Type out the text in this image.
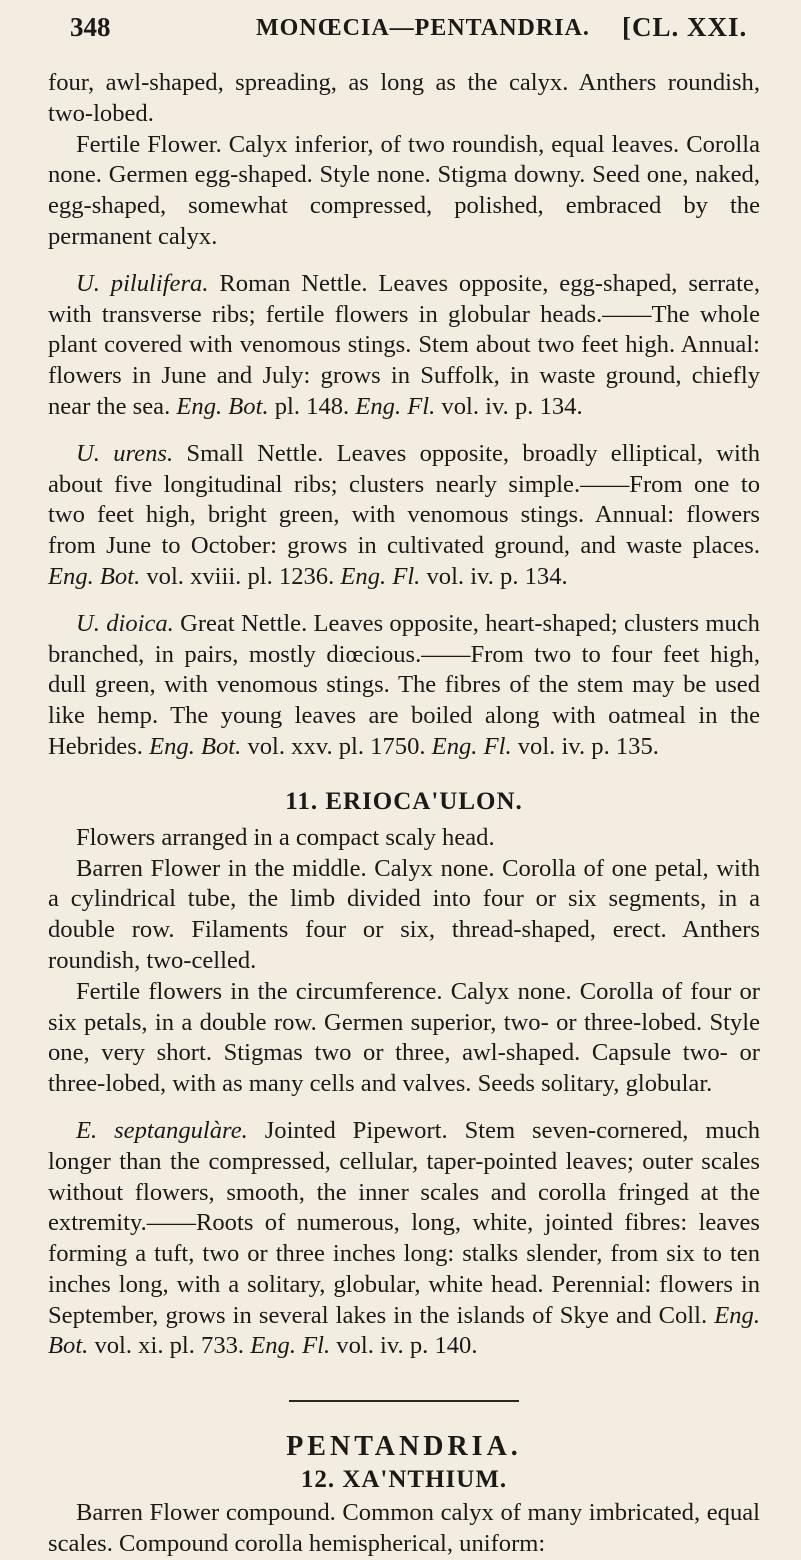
348	MONŒCIA—PENTANDRIA. [CL. XXI.

four, awl-shaped, spreading, as long as the calyx. Anthers roundish, two-lobed.

Fertile Flower. Calyx inferior, of two roundish, equal leaves. Corolla none. Germen egg-shaped. Style none. Stigma downy. Seed one, naked, egg-shaped, somewhat compressed, polished, embraced by the permanent calyx.

U. pilulifera. Roman Nettle. Leaves opposite, egg-shaped, serrate, with transverse ribs; fertile flowers in globular heads.——The whole plant covered with venomous stings. Stem about two feet high. Annual: flowers in June and July: grows in Suffolk, in waste ground, chiefly near the sea. Eng. Bot. pl. 148. Eng. Fl. vol. iv. p. 134.

U. urens. Small Nettle. Leaves opposite, broadly elliptical, with about five longitudinal ribs; clusters nearly simple.——From one to two feet high, bright green, with venomous stings. Annual: flowers from June to October: grows in cultivated ground, and waste places. Eng. Bot. vol. xviii. pl. 1236. Eng. Fl. vol. iv. p. 134.

U. dioica. Great Nettle. Leaves opposite, heart-shaped; clusters much branched, in pairs, mostly diœcious.——From two to four feet high, dull green, with venomous stings. The fibres of the stem may be used like hemp. The young leaves are boiled along with oatmeal in the Hebrides. Eng. Bot. vol. xxv. pl. 1750. Eng. Fl. vol. iv. p. 135.

11. ERIOCA'ULON.

Flowers arranged in a compact scaly head.

Barren Flower in the middle. Calyx none. Corolla of one petal, with a cylindrical tube, the limb divided into four or six segments, in a double row. Filaments four or six, thread-shaped, erect. Anthers roundish, two-celled.

Fertile flowers in the circumference. Calyx none. Corolla of four or six petals, in a double row. Germen superior, two- or three-lobed. Style one, very short. Stigmas two or three, awl-shaped. Capsule two- or three-lobed, with as many cells and valves. Seeds solitary, globular.

E. septangulàre. Jointed Pipewort. Stem seven-cornered, much longer than the compressed, cellular, taper-pointed leaves; outer scales without flowers, smooth, the inner scales and corolla fringed at the extremity.——Roots of numerous, long, white, jointed fibres: leaves forming a tuft, two or three inches long: stalks slender, from six to ten inches long, with a solitary, globular, white head. Perennial: flowers in September, grows in several lakes in the islands of Skye and Coll. Eng. Bot. vol. xi. pl. 733. Eng. Fl. vol. iv. p. 140.

PENTANDRIA.
12. XA'NTHIUM.

Barren Flower compound. Common calyx of many imbricated, equal scales. Compound corolla hemispherical, uniform:
